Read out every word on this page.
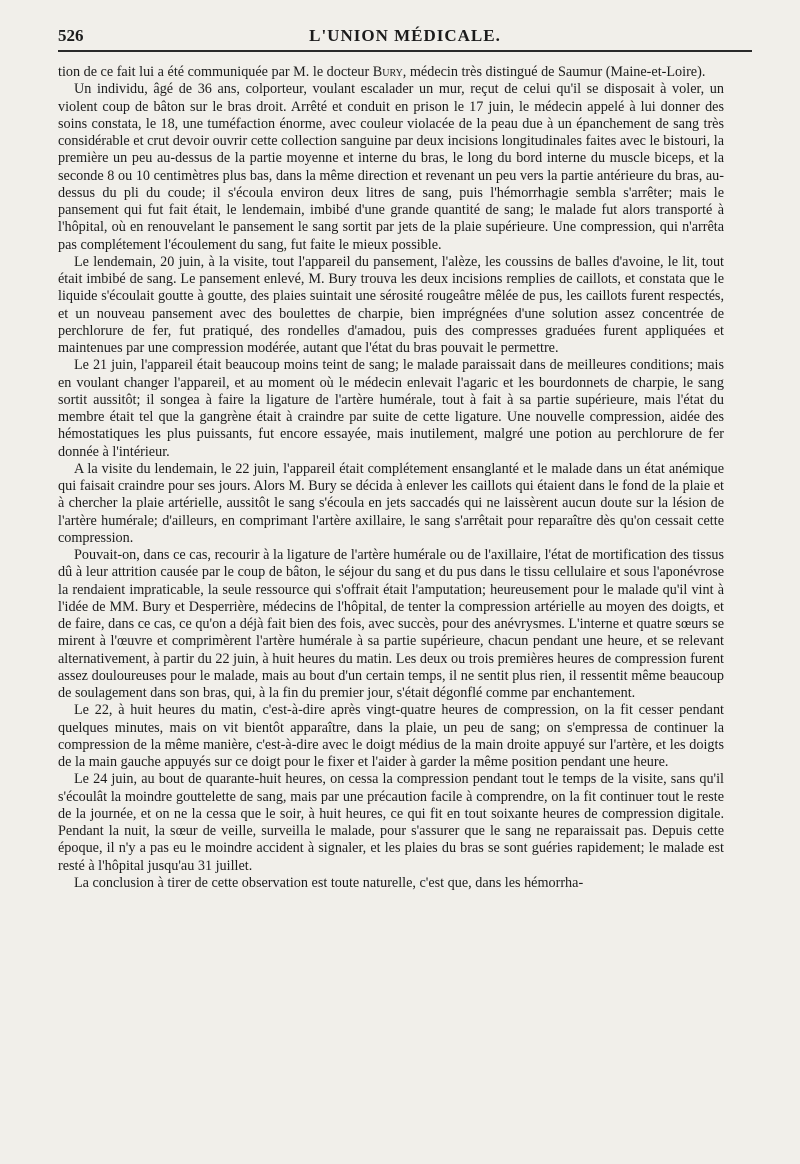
526	L'UNION MÉDICALE.

tion de ce fait lui a été communiquée par M. le docteur Bury, médecin très distingué de Saumur (Maine-et-Loire).

Un individu, âgé de 36 ans, colporteur, voulant escalader un mur, reçut de celui qu'il se disposait à voler, un violent coup de bâton sur le bras droit. Arrêté et conduit en prison le 17 juin, le médecin appelé à lui donner des soins constata, le 18, une tuméfaction énorme, avec couleur violacée de la peau due à un épanchement de sang très considérable et crut devoir ouvrir cette collection sanguine par deux incisions longitudinales faites avec le bistouri, la première un peu au-dessus de la partie moyenne et interne du bras, le long du bord interne du muscle biceps, et la seconde 8 ou 10 centimètres plus bas, dans la même direction et revenant un peu vers la partie antérieure du bras, au-dessus du pli du coude; il s'écoula environ deux litres de sang, puis l'hémorrhagie sembla s'arrêter; mais le pansement qui fut fait était, le lendemain, imbibé d'une grande quantité de sang; le malade fut alors transporté à l'hôpital, où en renouvelant le pansement le sang sortit par jets de la plaie supérieure. Une compression, qui n'arrêta pas complétement l'écoulement du sang, fut faite le mieux possible.

Le lendemain, 20 juin, à la visite, tout l'appareil du pansement, l'alèze, les coussins de balles d'avoine, le lit, tout était imbibé de sang. Le pansement enlevé, M. Bury trouva les deux incisions remplies de caillots, et constata que le liquide s'écoulait goutte à goutte, des plaies suintait une sérosité rougeâtre mêlée de pus, les caillots furent respectés, et un nouveau pansement avec des boulettes de charpie, bien imprégnées d'une solution assez concentrée de perchlorure de fer, fut pratiqué, des rondelles d'amadou, puis des compresses graduées furent appliquées et maintenues par une compression modérée, autant que l'état du bras pouvait le permettre.

Le 21 juin, l'appareil était beaucoup moins teint de sang; le malade paraissait dans de meilleures conditions; mais en voulant changer l'appareil, et au moment où le médecin enlevait l'agaric et les bourdonnets de charpie, le sang sortit aussitôt; il songea à faire la ligature de l'artère humérale, tout à fait à sa partie supérieure, mais l'état du membre était tel que la gangrène était à craindre par suite de cette ligature. Une nouvelle compression, aidée des hémostatiques les plus puissants, fut encore essayée, mais inutilement, malgré une potion au perchlorure de fer donnée à l'intérieur.

A la visite du lendemain, le 22 juin, l'appareil était complétement ensanglanté et le malade dans un état anémique qui faisait craindre pour ses jours. Alors M. Bury se décida à enlever les caillots qui étaient dans le fond de la plaie et à chercher la plaie artérielle, aussitôt le sang s'écoula en jets saccadés qui ne laissèrent aucun doute sur la lésion de l'artère humérale; d'ailleurs, en comprimant l'artère axillaire, le sang s'arrêtait pour reparaître dès qu'on cessait cette compression.

Pouvait-on, dans ce cas, recourir à la ligature de l'artère humérale ou de l'axillaire, l'état de mortification des tissus dû à leur attrition causée par le coup de bâton, le séjour du sang et du pus dans le tissu cellulaire et sous l'aponévrose la rendaient impraticable, la seule ressource qui s'offrait était l'amputation; heureusement pour le malade qu'il vint à l'idée de MM. Bury et Desperrière, médecins de l'hôpital, de tenter la compression artérielle au moyen des doigts, et de faire, dans ce cas, ce qu'on a déjà fait bien des fois, avec succès, pour des anévrysmes. L'interne et quatre sœurs se mirent à l'œuvre et comprimèrent l'artère humérale à sa partie supérieure, chacun pendant une heure, et se relevant alternativement, à partir du 22 juin, à huit heures du matin. Les deux ou trois premières heures de compression furent assez douloureuses pour le malade, mais au bout d'un certain temps, il ne sentit plus rien, il ressentit même beaucoup de soulagement dans son bras, qui, à la fin du premier jour, s'était dégonflé comme par enchantement.

Le 22, à huit heures du matin, c'est-à-dire après vingt-quatre heures de compression, on la fit cesser pendant quelques minutes, mais on vit bientôt apparaître, dans la plaie, un peu de sang; on s'empressa de continuer la compression de la même manière, c'est-à-dire avec le doigt médius de la main droite appuyé sur l'artère, et les doigts de la main gauche appuyés sur ce doigt pour le fixer et l'aider à garder la même position pendant une heure.

Le 24 juin, au bout de quarante-huit heures, on cessa la compression pendant tout le temps de la visite, sans qu'il s'écoulât la moindre gouttelette de sang, mais par une précaution facile à comprendre, on la fit continuer tout le reste de la journée, et on ne la cessa que le soir, à huit heures, ce qui fit en tout soixante heures de compression digitale. Pendant la nuit, la sœur de veille, surveilla le malade, pour s'assurer que le sang ne reparaissait pas. Depuis cette époque, il n'y a pas eu le moindre accident à signaler, et les plaies du bras se sont guéries rapidement; le malade est resté à l'hôpital jusqu'au 31 juillet.

La conclusion à tirer de cette observation est toute naturelle, c'est que, dans les hémorrha-
